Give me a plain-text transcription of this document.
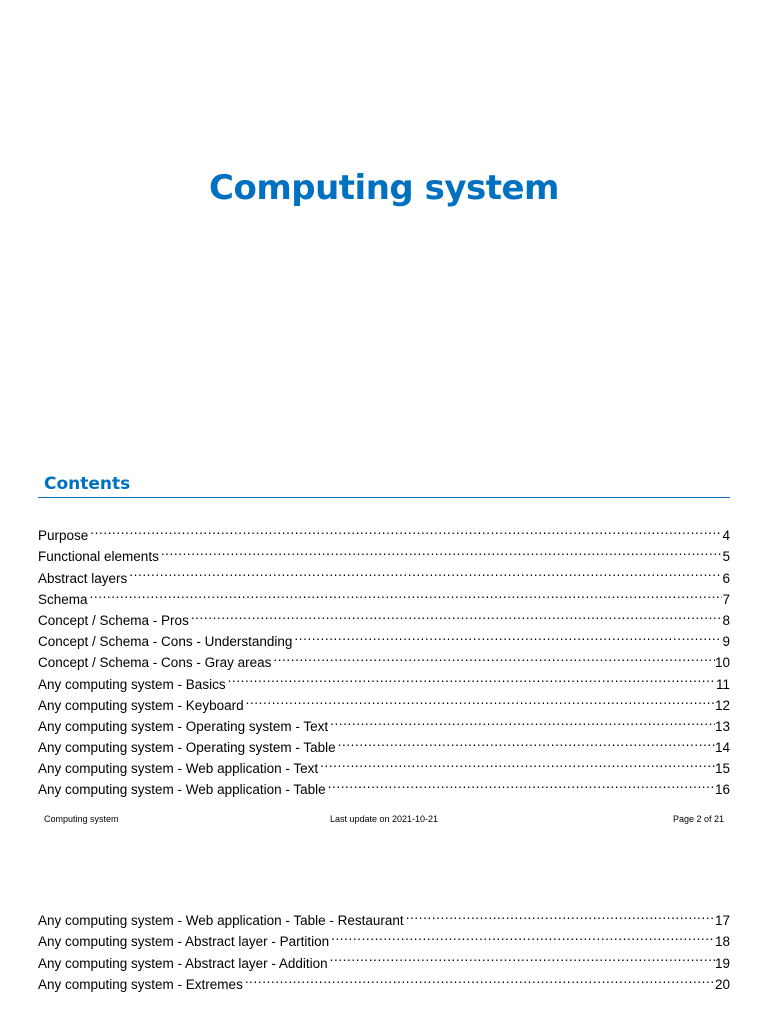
Computing system
Contents
Purpose .....	4
Functional elements .....	5
Abstract layers .....	6
Schema .....	7
Concept / Schema - Pros .....	8
Concept / Schema - Cons - Understanding .....	9
Concept / Schema - Cons - Gray areas .....	10
Any computing system - Basics .....	11
Any computing system - Keyboard .....	12
Any computing system - Operating system - Text .....	13
Any computing system - Operating system - Table .....	14
Any computing system - Web application - Text .....	15
Any computing system - Web application - Table .....	16
Computing system	Last update on 2021-10-21	Page 2 of 21
Any computing system - Web application - Table - Restaurant .....	17
Any computing system - Abstract layer - Partition .....	18
Any computing system - Abstract layer - Addition .....	19
Any computing system - Extremes .....	20
